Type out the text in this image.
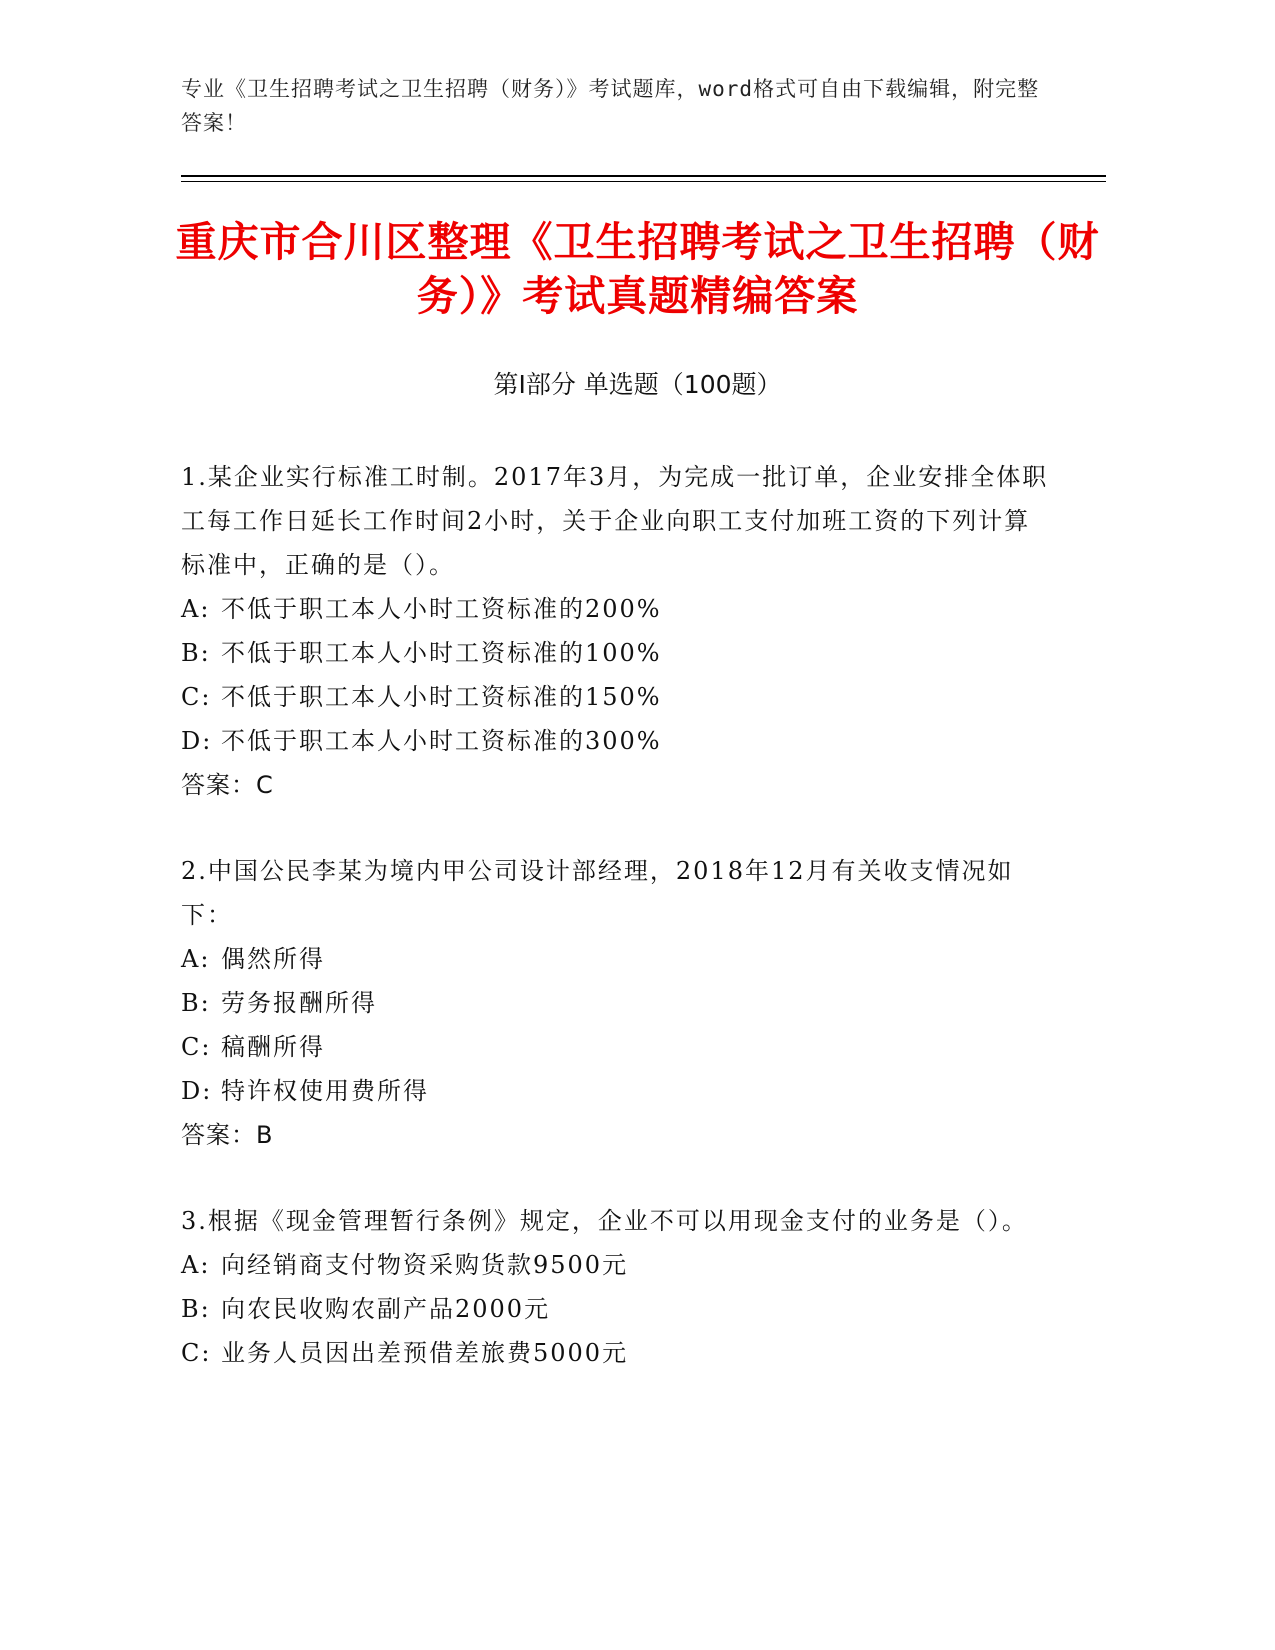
专业《卫生招聘考试之卫生招聘（财务）》考试题库，word格式可自由下载编辑，附完整答案！
重庆市合川区整理《卫生招聘考试之卫生招聘（财务）》考试真题精编答案
第Ⅰ部分 单选题（100题）

1.某企业实行标准工时制。2017年3月，为完成一批订单，企业安排全体职工每工作日延长工作时间2小时，关于企业向职工支付加班工资的下列计算标准中，正确的是（）。

A: 不低于职工本人小时工资标准的200%
B: 不低于职工本人小时工资标准的100%
C: 不低于职工本人小时工资标准的150%
D: 不低于职工本人小时工资标准的300%
答案：C

2.中国公民李某为境内甲公司设计部经理，2018年12月有关收支情况如下：

A: 偶然所得
B: 劳务报酬所得
C: 稿酬所得
D: 特许权使用费所得
答案：B

3.根据《现金管理暂行条例》规定，企业不可以用现金支付的业务是（）。

A: 向经销商支付物资采购货款9500元
B: 向农民收购农副产品2000元
C: 业务人员因出差预借差旅费5000元
